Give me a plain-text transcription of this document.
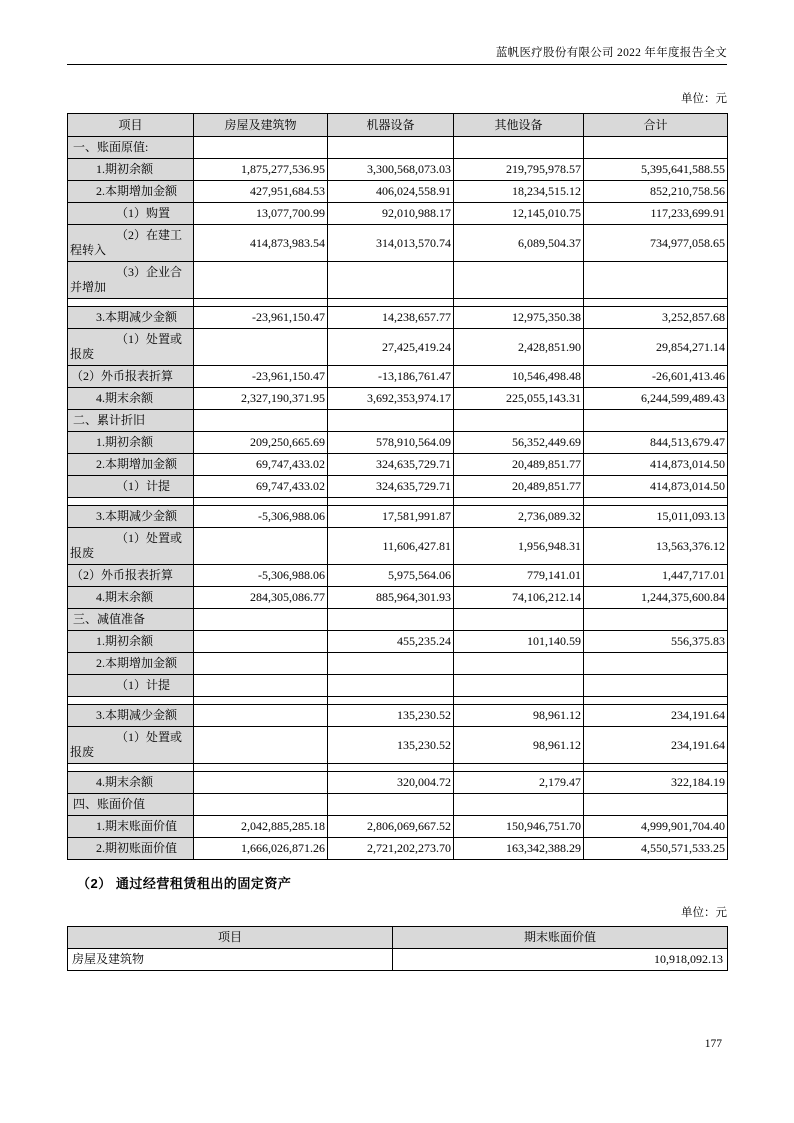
蓝帆医疗股份有限公司 2022 年年度报告全文
单位：元
项目	房屋及建筑物	机器设备	其他设备	合计
一、账面原值:				
1.期初余额	1,875,277,536.95	3,300,568,073.03	219,795,978.57	5,395,641,588.55
2.本期增加金额	427,951,684.53	406,024,558.91	18,234,515.12	852,210,758.56
（1）购置	13,077,700.99	92,010,988.17	12,145,010.75	117,233,699.91
（2）在建工程转入	414,873,983.54	314,013,570.74	6,089,504.37	734,977,058.65
（3）企业合并增加				

3.本期减少金额	-23,961,150.47	14,238,657.77	12,975,350.38	3,252,857.68
（1）处置或报废		27,425,419.24	2,428,851.90	29,854,271.14
（2）外币报表折算	-23,961,150.47	-13,186,761.47	10,546,498.48	-26,601,413.46
4.期末余额	2,327,190,371.95	3,692,353,974.17	225,055,143.31	6,244,599,489.43
二、累计折旧				
1.期初余额	209,250,665.69	578,910,564.09	56,352,449.69	844,513,679.47
2.本期增加金额	69,747,433.02	324,635,729.71	20,489,851.77	414,873,014.50
（1）计提	69,747,433.02	324,635,729.71	20,489,851.77	414,873,014.50

3.本期减少金额	-5,306,988.06	17,581,991.87	2,736,089.32	15,011,093.13
（1）处置或报废		11,606,427.81	1,956,948.31	13,563,376.12
（2）外币报表折算	-5,306,988.06	5,975,564.06	779,141.01	1,447,717.01
4.期末余额	284,305,086.77	885,964,301.93	74,106,212.14	1,244,375,600.84
三、减值准备				
1.期初余额		455,235.24	101,140.59	556,375.83
2.本期增加金额				
（1）计提				

3.本期减少金额		135,230.52	98,961.12	234,191.64
（1）处置或报废		135,230.52	98,961.12	234,191.64

4.期末余额		320,004.72	2,179.47	322,184.19
四、账面价值				
1.期末账面价值	2,042,885,285.18	2,806,069,667.52	150,946,751.70	4,999,901,704.40
2.期初账面价值	1,666,026,871.26	2,721,202,273.70	163,342,388.29	4,550,571,533.25
（2） 通过经营租赁租出的固定资产
单位：元
项目	期末账面价值
房屋及建筑物	10,918,092.13
177
